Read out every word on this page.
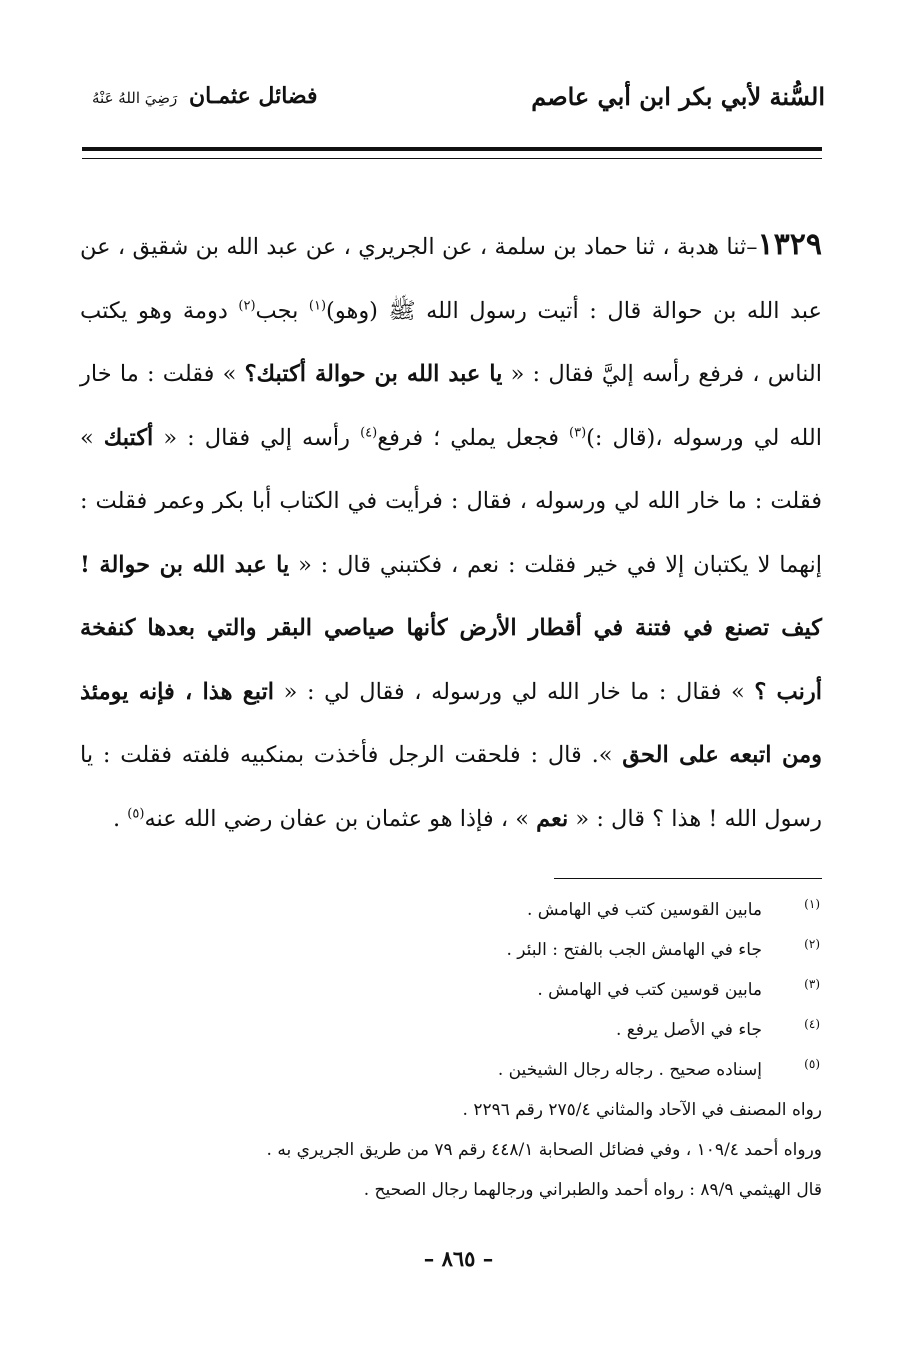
السُّنة لأبي بكر ابن أبي عاصم
فضائل عثمـان رَضِيَ اللهُ عَنْهُ
١٣٢٩–ثنا هدبة ، ثنا حماد بن سلمة ، عن الجريري ، عن عبد الله بن شقيق ، عن عبد الله بن حوالة قال : أتيت رسول الله ﷺ (وهو)$^{(١)}$ بجب$^{(٢)}$ دومة وهو يكتب الناس ، فرفع رأسه إليَّ فقال : « يا عبد الله بن حوالة أكتبك؟ » فقلت : ما خار الله لي ورسوله ،(قال :)$^{(٣)}$ فجعل يملي ؛ فرفع$^{(٤)}$ رأسه إلي فقال : « أكتبك » فقلت : ما خار الله لي ورسوله ، فقال : فرأيت في الكتاب أبا بكر وعمر فقلت : إنهما لا يكتبان إلا في خير فقلت : نعم ، فكتبني قال : « يا عبد الله بن حوالة ! كيف تصنع في فتنة في أقطار الأرض كأنها صياصي البقر والتي بعدها كنفخة أرنب ؟ » فقال : ما خار الله لي ورسوله ، فقال لي : « اتبع هذا ، فإنه يومئذ ومن اتبعه على الحق ». قال : فلحقت الرجل فأخذت بمنكبيه فلفته فقلت : يا رسول الله ! هذا ؟ قال : « نعم » ، فإذا هو عثمان بن عفان رضي الله عنه$^{(٥)}$ .
(١)
مابين القوسين كتب في الهامش .
(٢)
جاء في الهامش الجب بالفتح : البئر .
(٣)
مابين قوسين كتب في الهامش .
(٤)
جاء في الأصل يرفع .
(٥)
إسناده صحيح . رجاله رجال الشيخين .
رواه المصنف في الآحاد والمثاني ٢٧٥/٤ رقم ٢٢٩٦ .
ورواه أحمد ١٠٩/٤ ، وفي فضائل الصحابة ٤٤٨/١ رقم ٧٩ من طريق الجريري به .
قال الهيثمي ٨٩/٩ : رواه أحمد والطبراني ورجالهما رجال الصحيح .
– ٨٦٥ –
